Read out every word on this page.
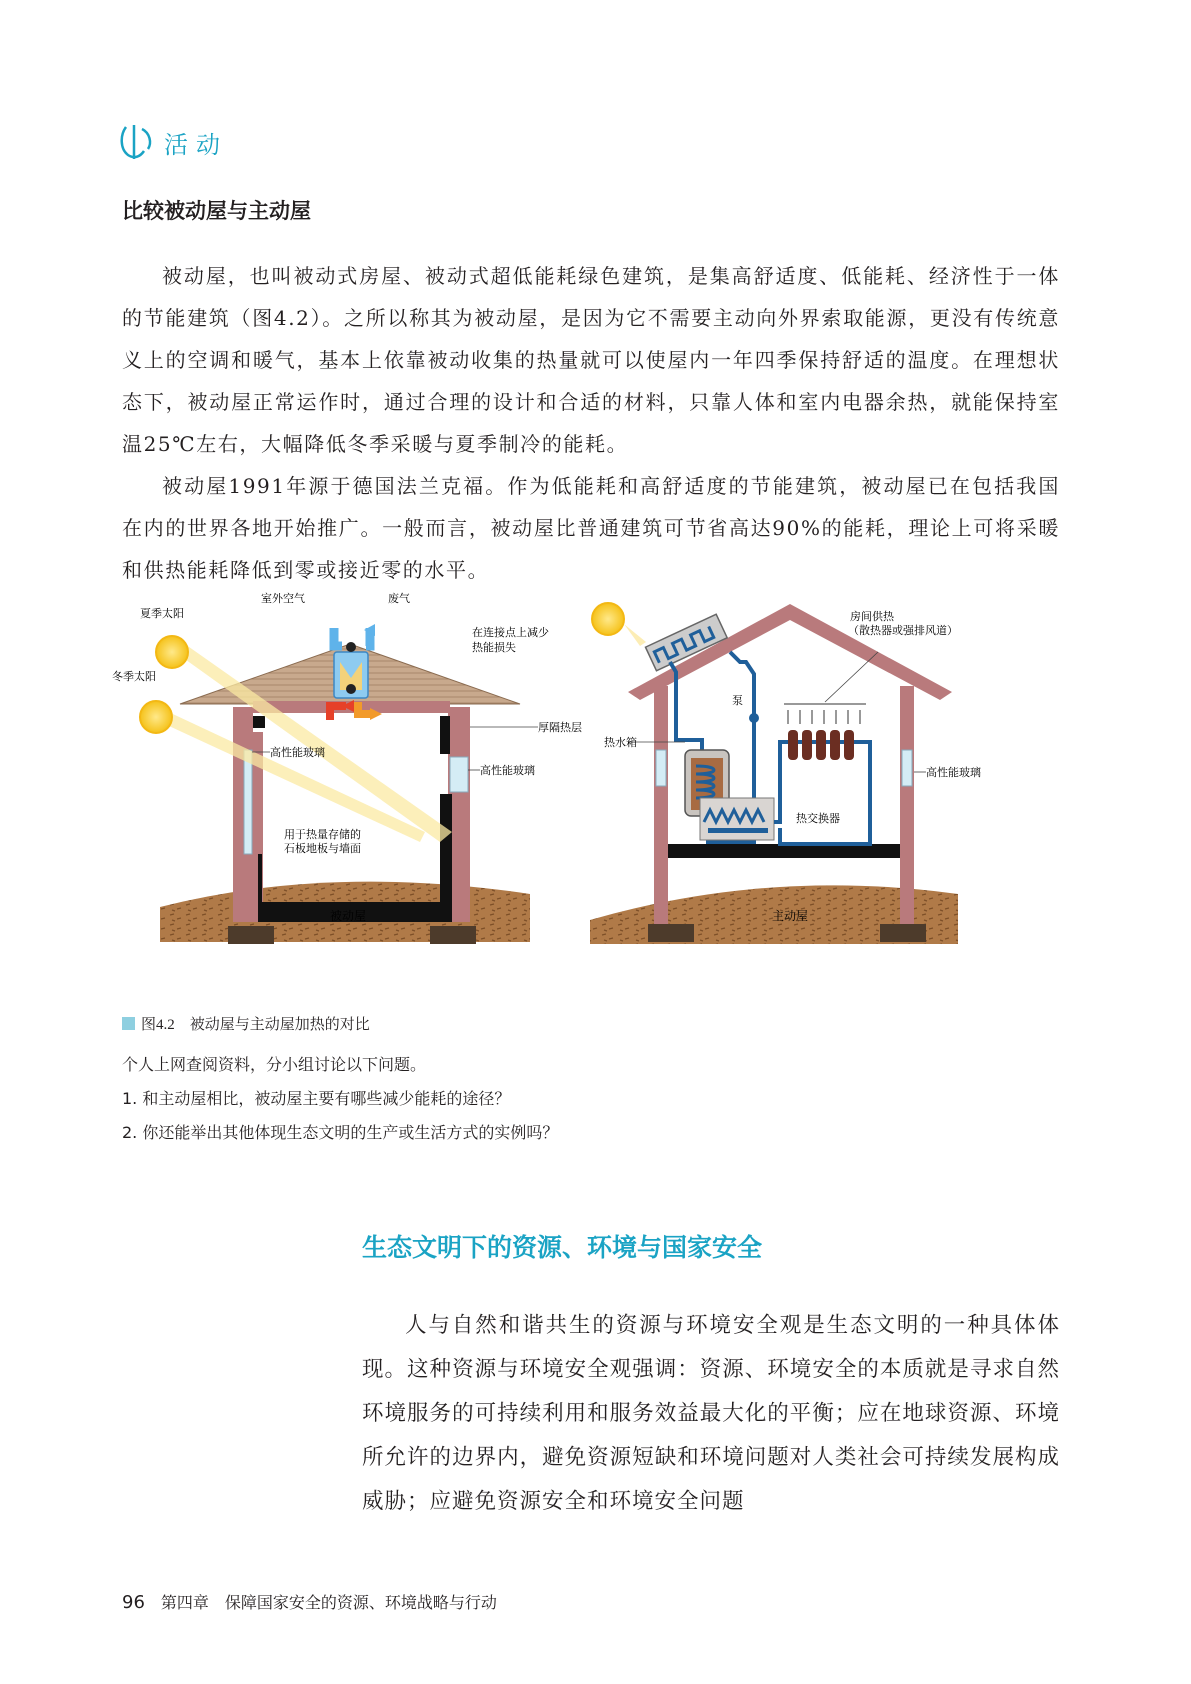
活动
比较被动屋与主动屋

被动屋，也叫被动式房屋、被动式超低能耗绿色建筑，是集高舒适度、低能耗、经济性于一体的节能建筑（图4.2）。之所以称其为被动屋，是因为它不需要主动向外界索取能源，更没有传统意义上的空调和暖气，基本上依靠被动收集的热量就可以使屋内一年四季保持舒适的温度。在理想状态下，被动屋正常运作时，通过合理的设计和合适的材料，只靠人体和室内电器余热，就能保持室温25℃左右，大幅降低冬季采暖与夏季制冷的能耗。

被动屋1991年源于德国法兰克福。作为低能耗和高舒适度的节能建筑，被动屋已在包括我国在内的世界各地开始推广。一般而言，被动屋比普通建筑可节省高达90%的能耗，理论上可将采暖和供热能耗降低到零或接近零的水平。

夏季太阳
冬季太阳
室外空气	废气
在连接点上减少
热能损失
厚隔热层
高性能玻璃
高性能玻璃
用于热量存储的
石板地板与墙面
被动屋
房间供热
（散热器或强排风道）
泵
热水箱
热交换器
高性能玻璃
主动屋
图4.2　被动屋与主动屋加热的对比
个人上网查阅资料，分小组讨论以下问题。
1. 和主动屋相比，被动屋主要有哪些减少能耗的途径？
2. 你还能举出其他体现生态文明的生产或生活方式的实例吗？
生态文明下的资源、环境与国家安全

人与自然和谐共生的资源与环境安全观是生态文明的一种具体体现。这种资源与环境安全观强调：资源、环境安全的本质就是寻求自然环境服务的可持续利用和服务效益最大化的平衡；应在地球资源、环境所允许的边界内，避免资源短缺和环境问题对人类社会可持续发展构成威胁；应避免资源安全和环境安全问题

96 第四章　保障国家安全的资源、环境战略与行动
